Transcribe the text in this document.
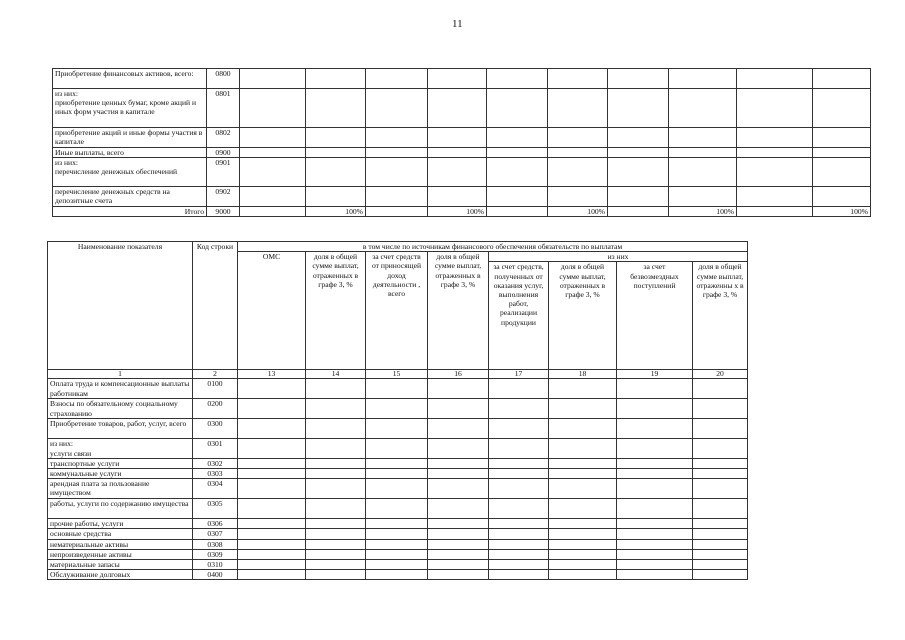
11
Приобретение финансовых активов, всего:	0800										
из них:
приобретение ценных бумаг, кроме акций и иных форм участия в капитале	0801										
приобретение акций и иные формы участия в капитале	0802										
Иные выплаты, всего	0900										
из них:
перечисление денежных обеспечений	0901										
перечисление денежных средств на депозитные счета	0902										
Итого	9000		100%		100%		100%		100%		100%
Наименование показателя	Код строки	в том числе по источникам финансового обеспечения обязательств по выплатам							
		ОМС	доля в общей сумме выплат, отраженных в графе 3, %	за счет средств от приносящей доход деятельности , всего	доля в общей сумме выплат, отраженных в графе 3, %	из них			
						за счет средств, полученных от оказания услуг, выполнения работ, реализации продукции	доля в общей сумме выплат, отраженных в графе 3, %	за счет безвозмездных поступлений	доля в общей сумме выплат, отраженны х в графе 3, %
1	2	13	14	15	16	17	18	19	20
Оплата труда и компенсационные выплаты работникам	0100								
Взносы по обязательному социальному страхованию	0200								
Приобретение товаров, работ, услуг, всего	0300								
из них:
услуги связи	0301								
транспортные услуги	0302								
коммунальные услуги	0303								
арендная плата за пользование имуществом	0304								
работы, услуги по содержанию имущества	0305								
прочие работы, услуги	0306								
основные средства	0307								
нематериальные активы	0308								
непроизведенные активы	0309								
материальные запасы	0310								
Обслуживание долговых	0400								
